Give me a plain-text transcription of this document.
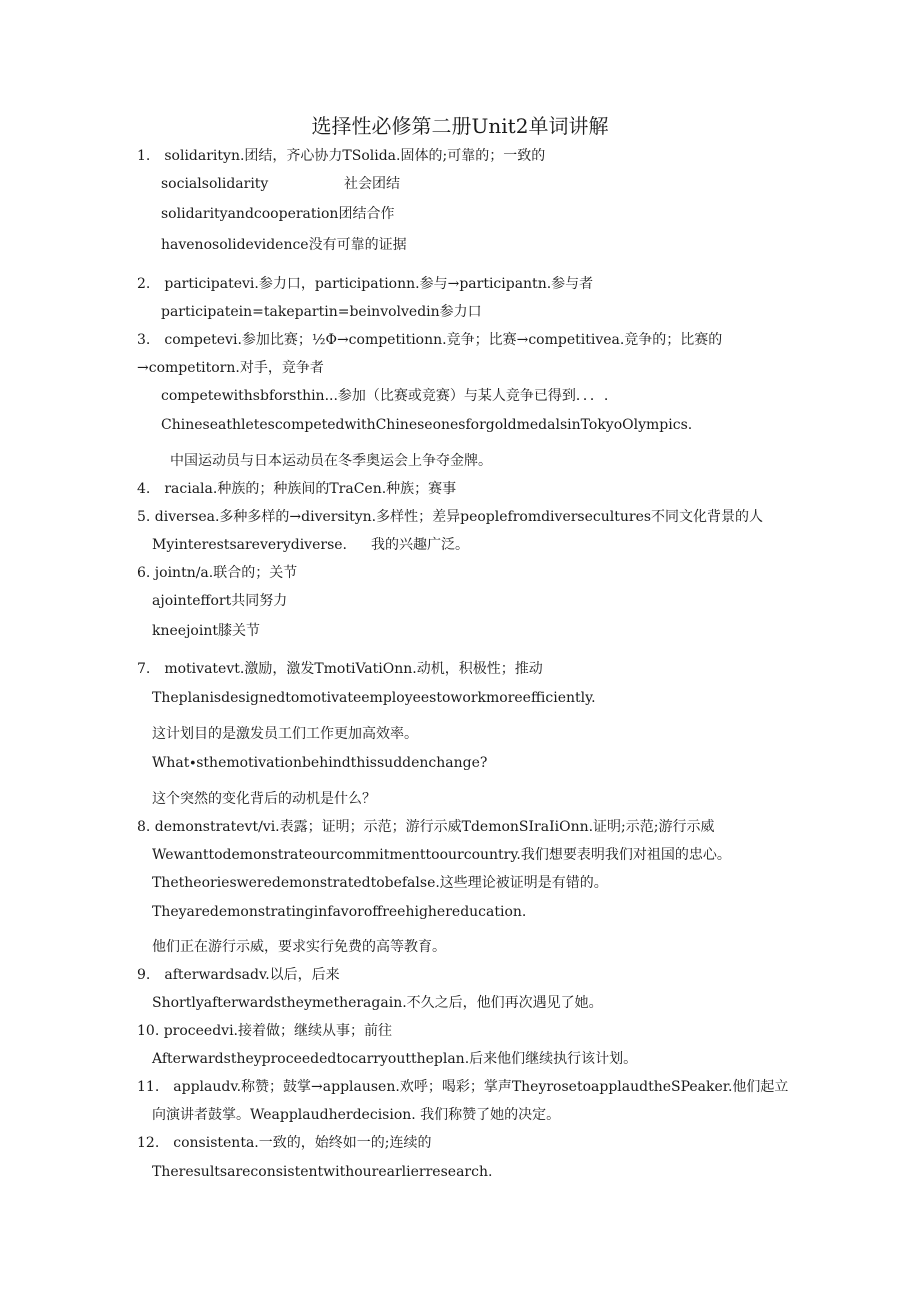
选择性必修第二册Unit2单词讲解
1.　solidarityn.团结，齐心协力TSolida.固体的;可靠的；一致的
socialsolidarity	社会团结
solidarityandcooperation团结合作
havenosolidevidence没有可靠的证据
2.　participatevi.参力口，participationn.参与→participantn.参与者
participatein=takepartin=beinvolvedin参力口
3.　competevi.参加比赛；½Φ→competitionn.竞争；比赛→competitivea.竞争的；比赛的
→competitorn.对手，竞争者
competewithsbforsthin...参加（比赛或竞赛）与某人竞争已得到．．．.
ChineseathletescompetedwithChineseonesforgoldmedalsinTokyoOlympics.
中国运动员与日本运动员在冬季奥运会上争夺金牌。
4.　raciala.种族的；种族间的TraCen.种族；赛事
5. diversea.多种多样的→diversityn.多样性；差异peoplefromdiversecultures不同文化背景的人
Myinterestsareverydiverse. 我的兴趣广泛。
6. jointn∕a.联合的；关节
ajointeffort共同努力
kneejoint膝关节
7.　motivatevt.激励，激发TmotiVatiOnn.动机，积极性；推动
Theplanisdesignedtomotivateemployeestoworkmoreefficiently.
这计划目的是激发员工们工作更加高效率。
What∙sthemotivationbehindthissuddenchange?
这个突然的变化背后的动机是什么？
8. demonstratevt∕vi.表露；证明；示范；游行示威TdemonSIraIiOnn.证明;示范;游行示威
Wewanttodemonstrateourcommitmenttoourcountry.我们想要表明我们对祖国的忠心。
Thetheoriesweredemonstratedtobefalse.这些理论被证明是有错的。
Theyaredemonstratinginfavoroffreehighereducation.
他们正在游行示威，要求实行免费的高等教育。
9.　afterwardsadv.以后，后来
Shortlyafterwardstheymetheragain.不久之后，他们再次遇见了她。
10. proceedvi.接着做；继续从事；前往
Afterwardstheyproceededtocarryouttheplan.后来他们继续执行该计划。
11.　applaudv.称赞；鼓掌→applausen.欢呼；喝彩；掌声TheyrosetoapplaudtheSPeaker.他们起立
向演讲者鼓掌。Weapplaudherdecision. 我们称赞了她的决定。
12.　consistenta.一致的，始终如一的;连续的
Theresultsareconsistentwithourearlierresearch.
